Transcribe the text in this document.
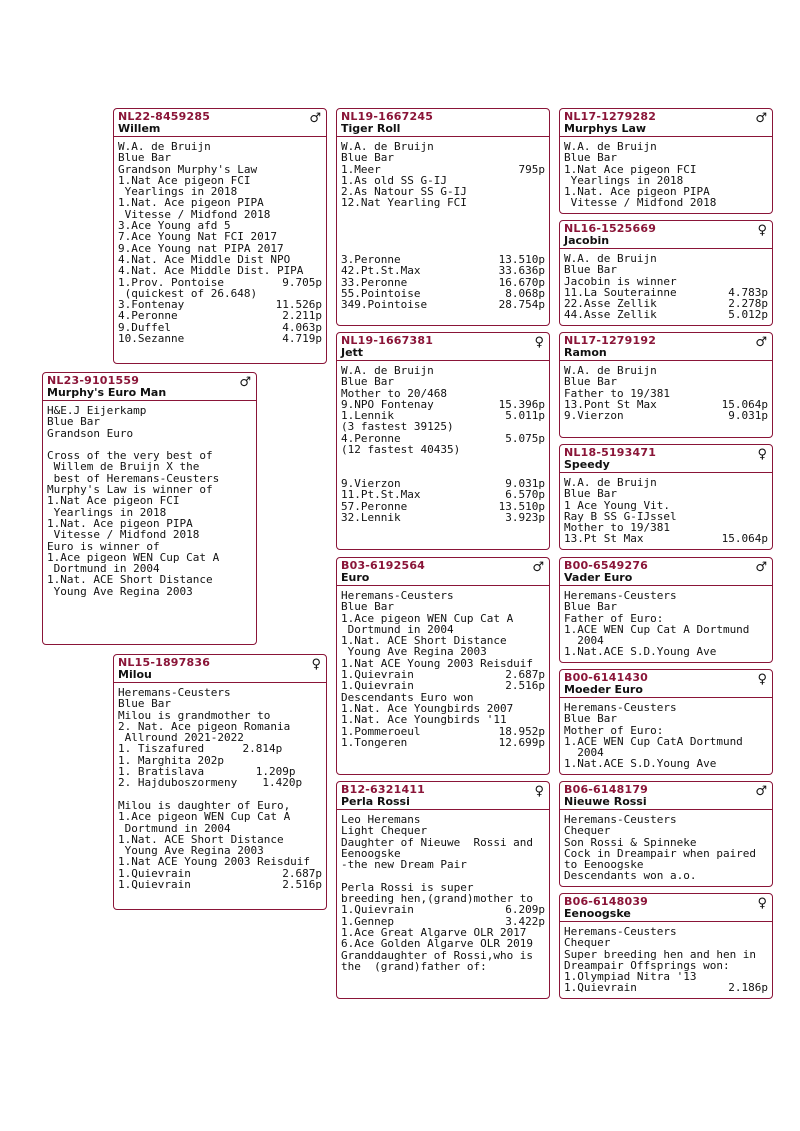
NL22-8459285
Willem
♂
W.A. de Bruijn
Blue Bar
Grandson Murphy's Law
1.Nat Ace pigeon FCI
Yearlings in 2018
1.Nat. Ace pigeon PIPA
Vitesse / Midfond 2018
3.Ace Young afd 5
7.Ace Young Nat FCI 2017
9.Ace Young nat PIPA 2017
4.Nat. Ace Middle Dist NPO
4.Nat. Ace Middle Dist. PIPA
1.Prov. Pontoise	9.705p
(quickest of 26.648)
3.Fontenay	11.526p
4.Peronne	2.211p
9.Duffel	4.063p
10.Sezanne	4.719p
NL23-9101559
Murphy's Euro Man
♂
H&E.J Eijerkamp
Blue Bar
Grandson Euro
Cross of the very best of
Willem de Bruijn X the
best of Heremans-Ceusters
Murphy's Law is winner of
1.Nat Ace pigeon FCI
Yearlings in 2018
1.Nat. Ace pigeon PIPA
Vitesse / Midfond 2018
Euro is winner of
1.Ace pigeon WEN Cup Cat A
Dortmund in 2004
1.Nat. ACE Short Distance
Young Ave Regina 2003
NL15-1897836
Milou
♀
Heremans-Ceusters
Blue Bar
Milou is grandmother to
2. Nat. Ace pigeon Romania
Allround 2021-2022
1. Tiszafured	2.814p
1. Marghita 202p
1. Bratislava	1.209p
2. Hajduboszormeny 1.420p
Milou is daughter of Euro,
1.Ace pigeon WEN Cup Cat A
Dortmund in 2004
1.Nat. ACE Short Distance
Young Ave Regina 2003
1.Nat ACE Young 2003 Reisduif
1.Quievrain	2.687p
1.Quievrain	2.516p
NL19-1667245
Tiger Roll
W.A. de Bruijn
Blue Bar
1.Meer	795p
1.As old SS G-IJ
2.As Natour SS G-IJ
12.Nat Yearling FCI
3.Peronne	13.510p
42.Pt.St.Max	33.636p
33.Peronne	16.670p
55.Pointoise	8.068p
349.Pointoise	28.754p
NL19-1667381
Jett
♀
W.A. de Bruijn
Blue Bar
Mother to 20/468
9.NPO Fontenay	15.396p
1.Lennik	5.011p
(3 fastest 39125)
4.Peronne	5.075p
(12 fastest 40435)
9.Vierzon	9.031p
11.Pt.St.Max	6.570p
57.Peronne	13.510p
32.Lennik	3.923p
B03-6192564
Euro
♂
Heremans-Ceusters
Blue Bar
1.Ace pigeon WEN Cup Cat A
Dortmund in 2004
1.Nat. ACE Short Distance
Young Ave Regina 2003
1.Nat ACE Young 2003 Reisduif
1.Quievrain	2.687p
1.Quievrain	2.516p
Descendants Euro won
1.Nat. Ace Youngbirds 2007
1.Nat. Ace Youngbirds '11
1.Pommeroeul	18.952p
1.Tongeren	12.699p
B12-6321411
Perla Rossi
♀
Leo Heremans
Light Chequer
Daughter of Nieuwe  Rossi and
Eenoogske
-the new Dream Pair
Perla Rossi is super
breeding hen,(grand)mother to
1.Quievrain	6.209p
1.Gennep	3.422p
1.Ace Great Algarve OLR 2017
6.Ace Golden Algarve OLR 2019
Granddaughter of Rossi,who is
the  (grand)father of:
NL17-1279282
Murphys Law
♂
W.A. de Bruijn
Blue Bar
1.Nat Ace pigeon FCI
Yearlings in 2018
1.Nat. Ace pigeon PIPA
Vitesse / Midfond 2018
NL16-1525669
Jacobin
♀
W.A. de Bruijn
Blue Bar
Jacobin is winner
11.La Souterainne	4.783p
22.Asse Zellik	2.278p
44.Asse Zellik	5.012p
NL17-1279192
Ramon
♂
W.A. de Bruijn
Blue Bar
Father to 19/381
13.Pont St Max	15.064p
9.Vierzon	9.031p
NL18-5193471
Speedy
♀
W.A. de Bruijn
Blue Bar
1 Ace Young Vit.
Ray B SS G-IJssel
Mother to 19/381
13.Pt St Max	15.064p
B00-6549276
Vader Euro
♂
Heremans-Ceusters
Blue Bar
Father of Euro:
1.ACE WEN Cup Cat A Dortmund
2004
1.Nat.ACE S.D.Young Ave
B00-6141430
Moeder Euro
♀
Heremans-Ceusters
Blue Bar
Mother of Euro:
1.ACE WEN Cup CatA Dortmund
2004
1.Nat.ACE S.D.Young Ave
B06-6148179
Nieuwe Rossi
♂
Heremans-Ceusters
Chequer
Son Rossi & Spinneke
Cock in Dreampair when paired
to Eenoogske
Descendants won a.o.
B06-6148039
Eenoogske
♀
Heremans-Ceusters
Chequer
Super breeding hen and hen in
Dreampair Offsprings won:
1.Olympiad Nitra '13
1.Quievrain	2.186p
